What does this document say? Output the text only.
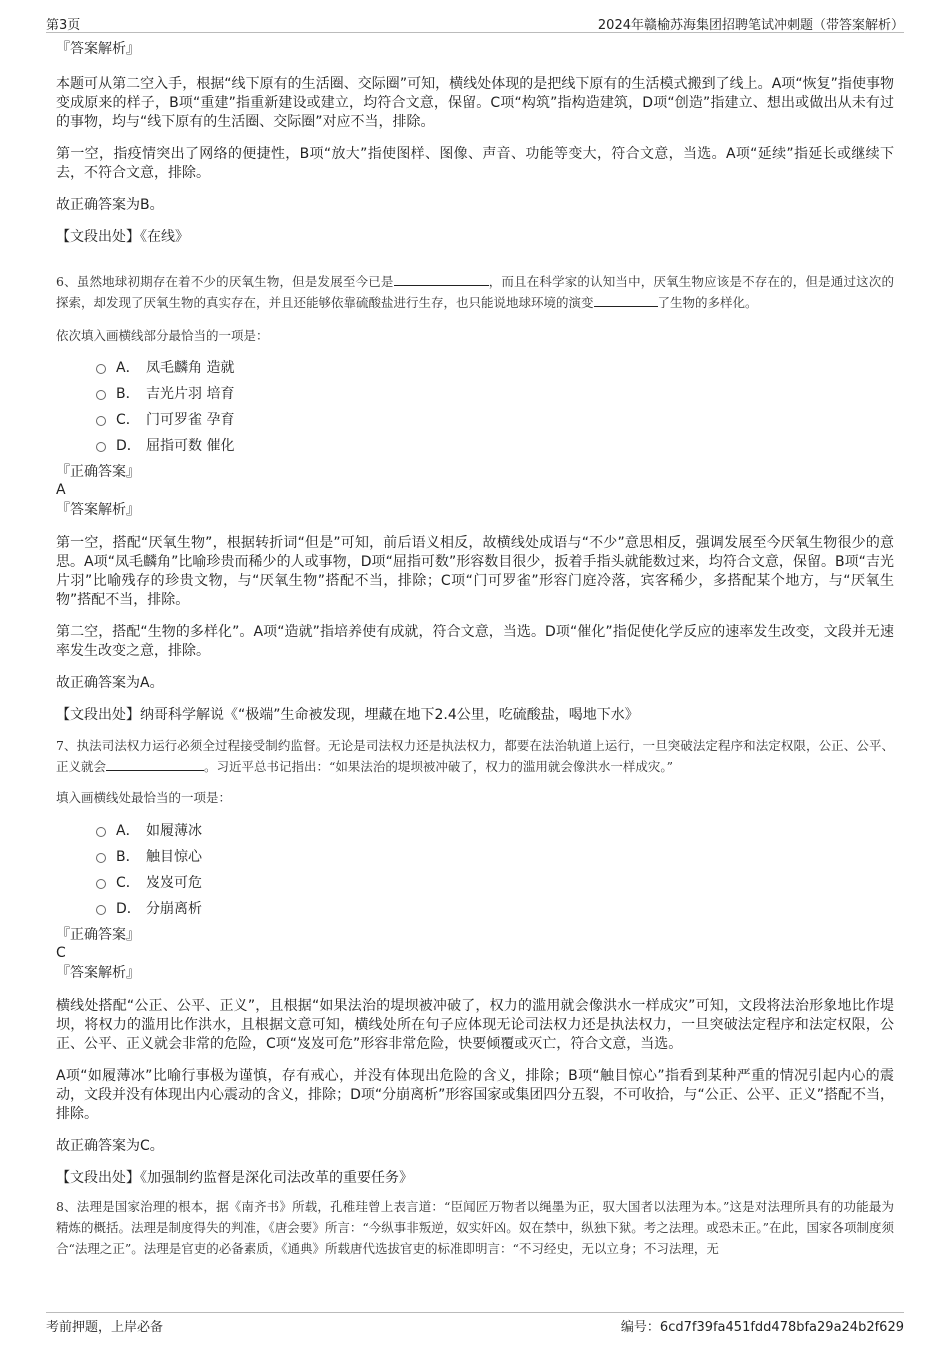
第3页	2024年赣榆苏海集团招聘笔试冲刺题（带答案解析）
『答案解析』

本题可从第二空入手，根据“线下原有的生活圈、交际圈”可知，横线处体现的是把线下原有的生活模式搬到了线上。A项“恢复”指使事物变成原来的样子，B项“重建”指重新建设或建立，均符合文意，保留。C项“构筑”指构造建筑，D项“创造”指建立、想出或做出从未有过的事物，均与“线下原有的生活圈、交际圈”对应不当，排除。

第一空，指疫情突出了网络的便捷性，B项“放大”指使图样、图像、声音、功能等变大，符合文意，当选。A项“延续”指延长或继续下去，不符合文意，排除。

故正确答案为B。

【文段出处】《在线》

6、虽然地球初期存在着不少的厌氧生物，但是发展至今已是	，而且在科学家的认知当中，厌氧生物应该是不存在的，但是通过这次的探索，却发现了厌氧生物的真实存在，并且还能够依靠硫酸盐进行生存，也只能说地球环境的演变	了生物的多样化。
依次填入画横线部分最恰当的一项是：
A． 凤毛麟角 造就
B． 吉光片羽 培育
C． 门可罗雀 孕育
D． 屈指可数 催化
『正确答案』
A
『答案解析』

第一空，搭配“厌氧生物”，根据转折词“但是”可知，前后语义相反，故横线处成语与“不少”意思相反，强调发展至今厌氧生物很少的意思。A项“凤毛麟角”比喻珍贵而稀少的人或事物，D项“屈指可数”形容数目很少，扳着手指头就能数过来，均符合文意，保留。B项“吉光片羽”比喻残存的珍贵文物，与“厌氧生物”搭配不当，排除；C项“门可罗雀”形容门庭冷落，宾客稀少，多搭配某个地方，与“厌氧生物”搭配不当，排除。

第二空，搭配“生物的多样化”。A项“造就”指培养使有成就，符合文意，当选。D项“催化”指促使化学反应的速率发生改变，文段并无速率发生改变之意，排除。

故正确答案为A。

【文段出处】纳哥科学解说《“极端”生命被发现，埋藏在地下2.4公里，吃硫酸盐，喝地下水》

7、执法司法权力运行必须全过程接受制约监督。无论是司法权力还是执法权力，都要在法治轨道上运行，一旦突破法定程序和法定权限，公正、公平、正义就会	。习近平总书记指出：“如果法治的堤坝被冲破了，权力的滥用就会像洪水一样成灾。”
填入画横线处最恰当的一项是：
A． 如履薄冰
B． 触目惊心
C． 岌岌可危
D． 分崩离析
『正确答案』
C
『答案解析』

横线处搭配“公正、公平、正义”，且根据“如果法治的堤坝被冲破了，权力的滥用就会像洪水一样成灾”可知，文段将法治形象地比作堤坝，将权力的滥用比作洪水，且根据文意可知，横线处所在句子应体现无论司法权力还是执法权力，一旦突破法定程序和法定权限，公正、公平、正义就会非常的危险，C项“岌岌可危”形容非常危险，快要倾覆或灭亡，符合文意，当选。

A项“如履薄冰”比喻行事极为谨慎，存有戒心，并没有体现出危险的含义，排除；B项“触目惊心”指看到某种严重的情况引起内心的震动，文段并没有体现出内心震动的含义，排除；D项“分崩离析”形容国家或集团四分五裂，不可收拾，与“公正、公平、正义”搭配不当，排除。

故正确答案为C。

【文段出处】《加强制约监督是深化司法改革的重要任务》

8、法理是国家治理的根本，据《南齐书》所载，孔稚珪曾上表言道：“臣闻匠万物者以绳墨为正，驭大国者以法理为本。”这是对法理所具有的功能最为精炼的概括。法理是制度得失的判准，《唐会要》所言：“今纵事非叛逆，奴实奸凶。奴在禁中，纵独下狱。考之法理。或恐未正。”在此，国家各项制度须合“法理之正”。法理是官吏的必备素质，《通典》所载唐代选拔官吏的标准即明言：“不习经史，无以立身；不习法理，无
考前押题，上岸必备	编号：6cd7f39fa451fdd478bfa29a24b2f629
